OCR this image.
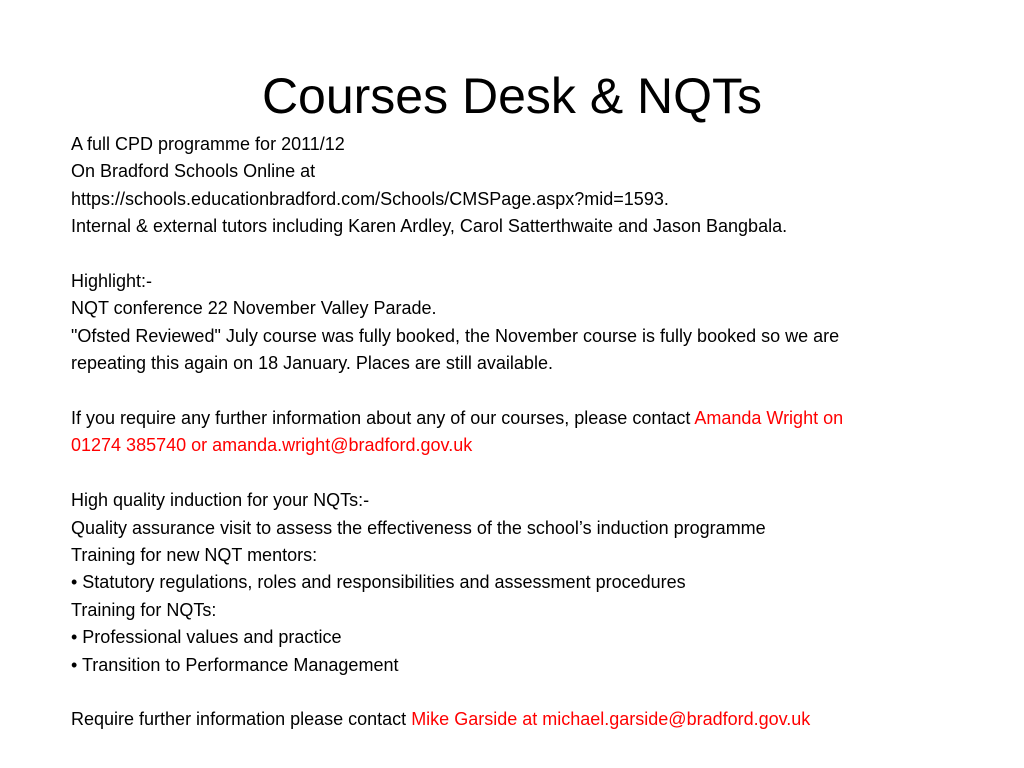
Courses Desk & NQTs
A full CPD programme for 2011/12
On Bradford Schools Online at
https://schools.educationbradford.com/Schools/CMSPage.aspx?mid=1593.
Internal & external tutors including Karen Ardley, Carol Satterthwaite and Jason Bangbala.
Highlight:-
NQT conference 22 November Valley Parade.
"Ofsted Reviewed" July course was fully booked, the November course is fully booked so we are
repeating this again on 18 January. Places are still available.
If you require any further information about any of our courses, please contact Amanda Wright on
01274 385740 or amanda.wright@bradford.gov.uk
High quality induction for your NQTs:-
Quality assurance visit to assess the effectiveness of the school’s induction programme
Training for new NQT mentors:
• Statutory regulations, roles and responsibilities and assessment procedures
Training for NQTs:
• Professional values and practice
• Transition to Performance Management
Require further information please contact Mike Garside at michael.garside@bradford.gov.uk
